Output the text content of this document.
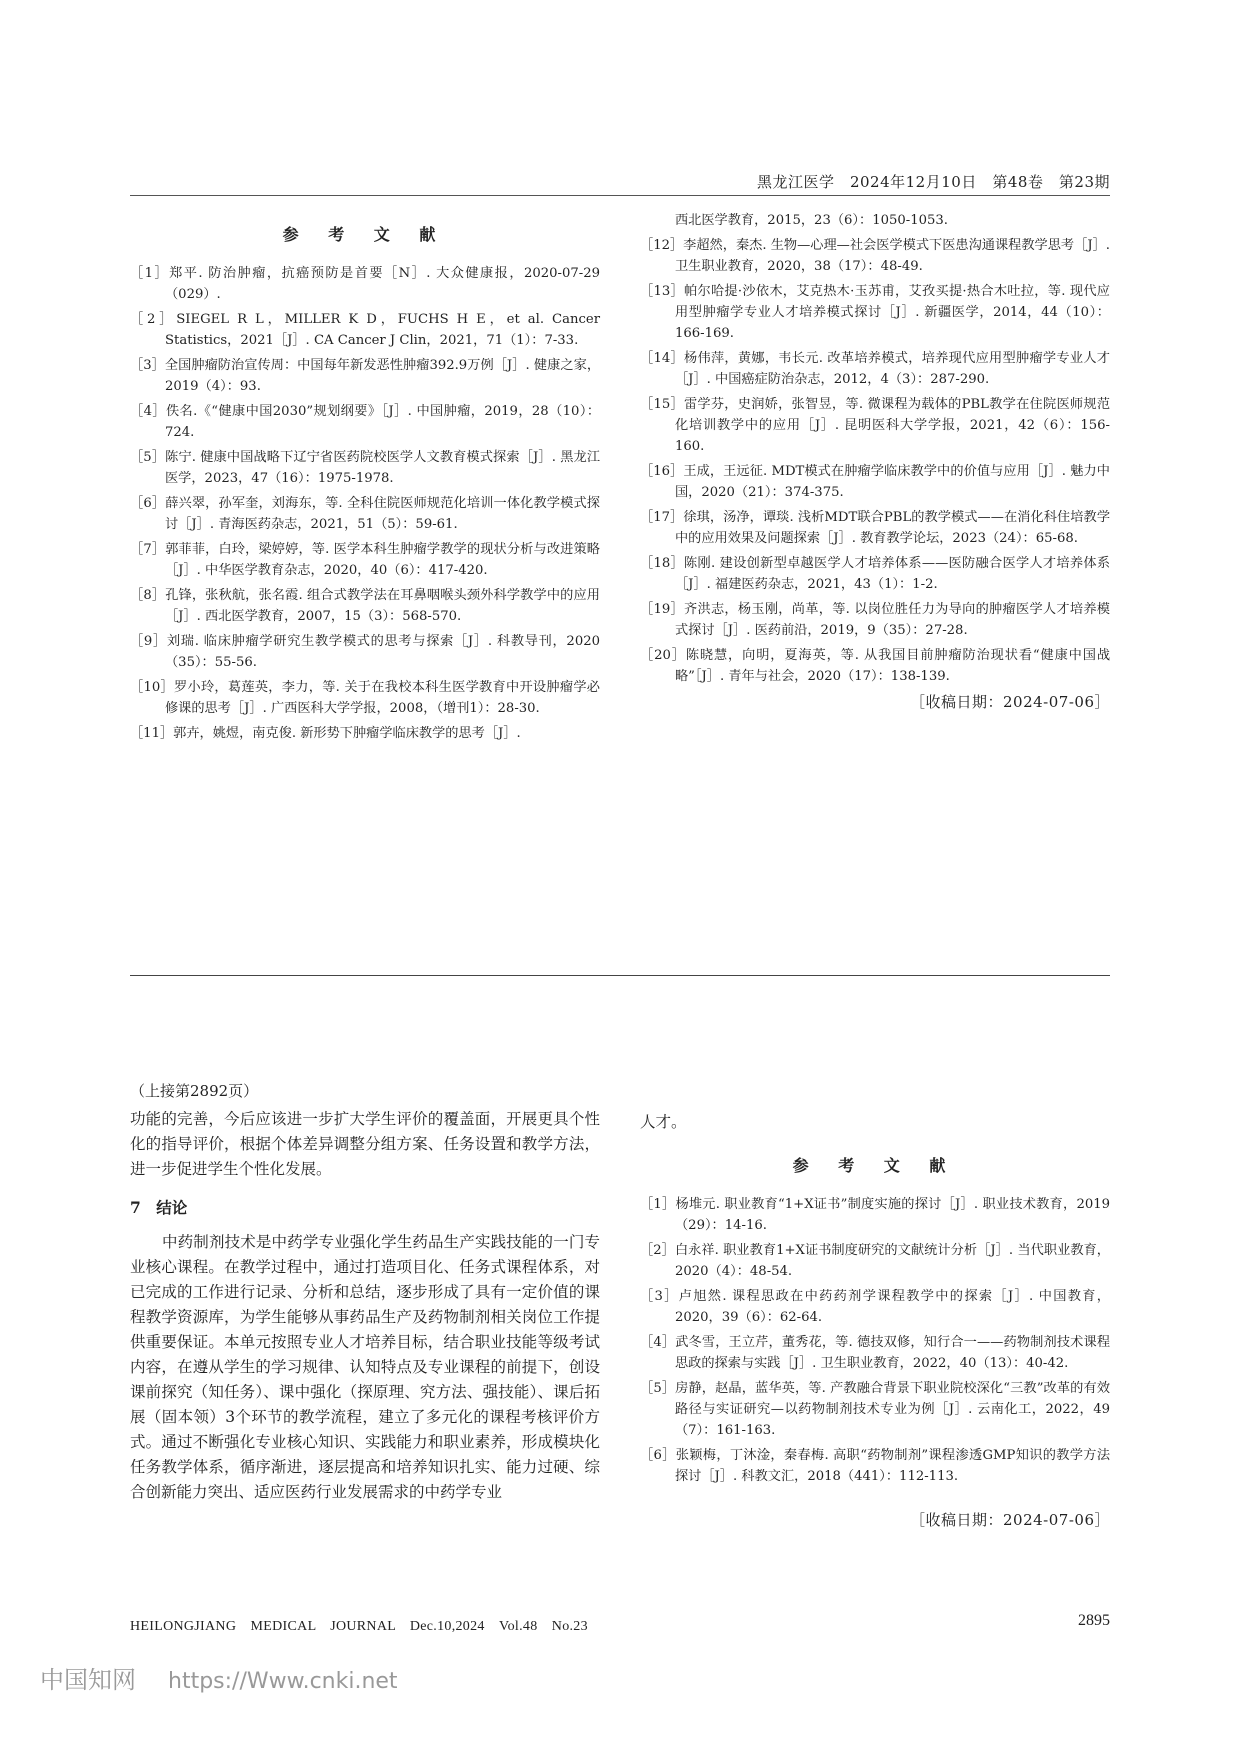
黑龙江医学　2024年12月10日　第48卷　第23期
参 考 文 献
［1］郑平. 防治肿瘤，抗癌预防是首要［N］. 大众健康报，2020-07-29（029）.
［2］SIEGEL R L，MILLER K D，FUCHS H E，et al. Cancer Statistics，2021［J］. CA Cancer J Clin，2021，71（1）：7-33.
［3］全国肿瘤防治宣传周：中国每年新发恶性肿瘤392.9万例［J］. 健康之家，2019（4）：93.
［4］佚名.《“健康中国2030”规划纲要》［J］. 中国肿瘤，2019，28（10）：724.
［5］陈宁. 健康中国战略下辽宁省医药院校医学人文教育模式探索［J］. 黑龙江医学，2023，47（16）：1975-1978.
［6］薛兴翠，孙军奎，刘海东，等. 全科住院医师规范化培训一体化教学模式探讨［J］. 青海医药杂志，2021，51（5）：59-61.
［7］郭菲菲，白玲，梁婷婷，等. 医学本科生肿瘤学教学的现状分析与改进策略［J］. 中华医学教育杂志，2020，40（6）：417-420.
［8］孔锋，张秋航，张名霞. 组合式教学法在耳鼻咽喉头颈外科学教学中的应用［J］. 西北医学教育，2007，15（3）：568-570.
［9］刘瑞. 临床肿瘤学研究生教学模式的思考与探索［J］. 科教导刊，2020（35）：55-56.
［10］罗小玲，葛莲英，李力，等. 关于在我校本科生医学教育中开设肿瘤学必修课的思考［J］. 广西医科大学学报，2008，（增刊1）：28-30.
［11］郭卉，姚煜，南克俊. 新形势下肿瘤学临床教学的思考［J］.
西北医学教育，2015，23（6）：1050-1053.
［12］李超然，秦杰. 生物—心理—社会医学模式下医患沟通课程教学思考［J］. 卫生职业教育，2020，38（17）：48-49.
［13］帕尔哈提·沙依木，艾克热木·玉苏甫，艾孜买提·热合木吐拉，等. 现代应用型肿瘤学专业人才培养模式探讨［J］. 新疆医学，2014，44（10）：166-169.
［14］杨伟萍，黄娜，韦长元. 改革培养模式，培养现代应用型肿瘤学专业人才［J］. 中国癌症防治杂志，2012，4（3）：287-290.
［15］雷学芬，史润娇，张智昱，等. 微课程为载体的PBL教学在住院医师规范化培训教学中的应用［J］. 昆明医科大学学报，2021，42（6）：156-160.
［16］王成，王远征. MDT模式在肿瘤学临床教学中的价值与应用［J］. 魅力中国，2020（21）：374-375.
［17］徐琪，汤净，谭琰. 浅析MDT联合PBL的教学模式——在消化科住培教学中的应用效果及问题探索［J］. 教育教学论坛，2023（24）：65-68.
［18］陈刚. 建设创新型卓越医学人才培养体系——医防融合医学人才培养体系［J］. 福建医药杂志，2021，43（1）：1-2.
［19］齐洪志，杨玉刚，尚革，等. 以岗位胜任力为导向的肿瘤医学人才培养模式探讨［J］. 医药前沿，2019，9（35）：27-28.
［20］陈晓慧，向明，夏海英，等. 从我国目前肿瘤防治现状看“健康中国战略”［J］. 青年与社会，2020（17）：138-139.
［收稿日期：2024-07-06］
（上接第2892页）

功能的完善，今后应该进一步扩大学生评价的覆盖面，开展更具个性化的指导评价，根据个体差异调整分组方案、任务设置和教学方法，进一步促进学生个性化发展。

7　结论

中药制剂技术是中药学专业强化学生药品生产实践技能的一门专业核心课程。在教学过程中，通过打造项目化、任务式课程体系，对已完成的工作进行记录、分析和总结，逐步形成了具有一定价值的课程教学资源库，为学生能够从事药品生产及药物制剂相关岗位工作提供重要保证。本单元按照专业人才培养目标，结合职业技能等级考试内容，在遵从学生的学习规律、认知特点及专业课程的前提下，创设课前探究（知任务）、课中强化（探原理、究方法、强技能）、课后拓展（固本领）3个环节的教学流程，建立了多元化的课程考核评价方式。通过不断强化专业核心知识、实践能力和职业素养，形成模块化任务教学体系，循序渐进，逐层提高和培养知识扎实、能力过硬、综合创新能力突出、适应医药行业发展需求的中药学专业

人才。

参 考 文 献
［1］杨堆元. 职业教育“1+X证书”制度实施的探讨［J］. 职业技术教育，2019（29）：14-16.
［2］白永祥. 职业教育1+X证书制度研究的文献统计分析［J］. 当代职业教育，2020（4）：48-54.
［3］卢旭然. 课程思政在中药药剂学课程教学中的探索［J］. 中国教育，2020，39（6）：62-64.
［4］武冬雪，王立芹，董秀花，等. 德技双修，知行合一——药物制剂技术课程思政的探索与实践［J］. 卫生职业教育，2022，40（13）：40-42.
［5］房静，赵晶，蓝华英，等. 产教融合背景下职业院校深化“三教”改革的有效路径与实证研究—以药物制剂技术专业为例［J］. 云南化工，2022，49（7）：161-163.
［6］张颖梅，丁沐淦，秦春梅. 高职“药物制剂”课程渗透GMP知识的教学方法探讨［J］. 科教文汇，2018（441）：112-113.
［收稿日期：2024-07-06］
HEILONGJIANG　MEDICAL　JOURNAL　Dec.10,2024　Vol.48　No.23	2895
中国知网 https://Www.cnki.net
